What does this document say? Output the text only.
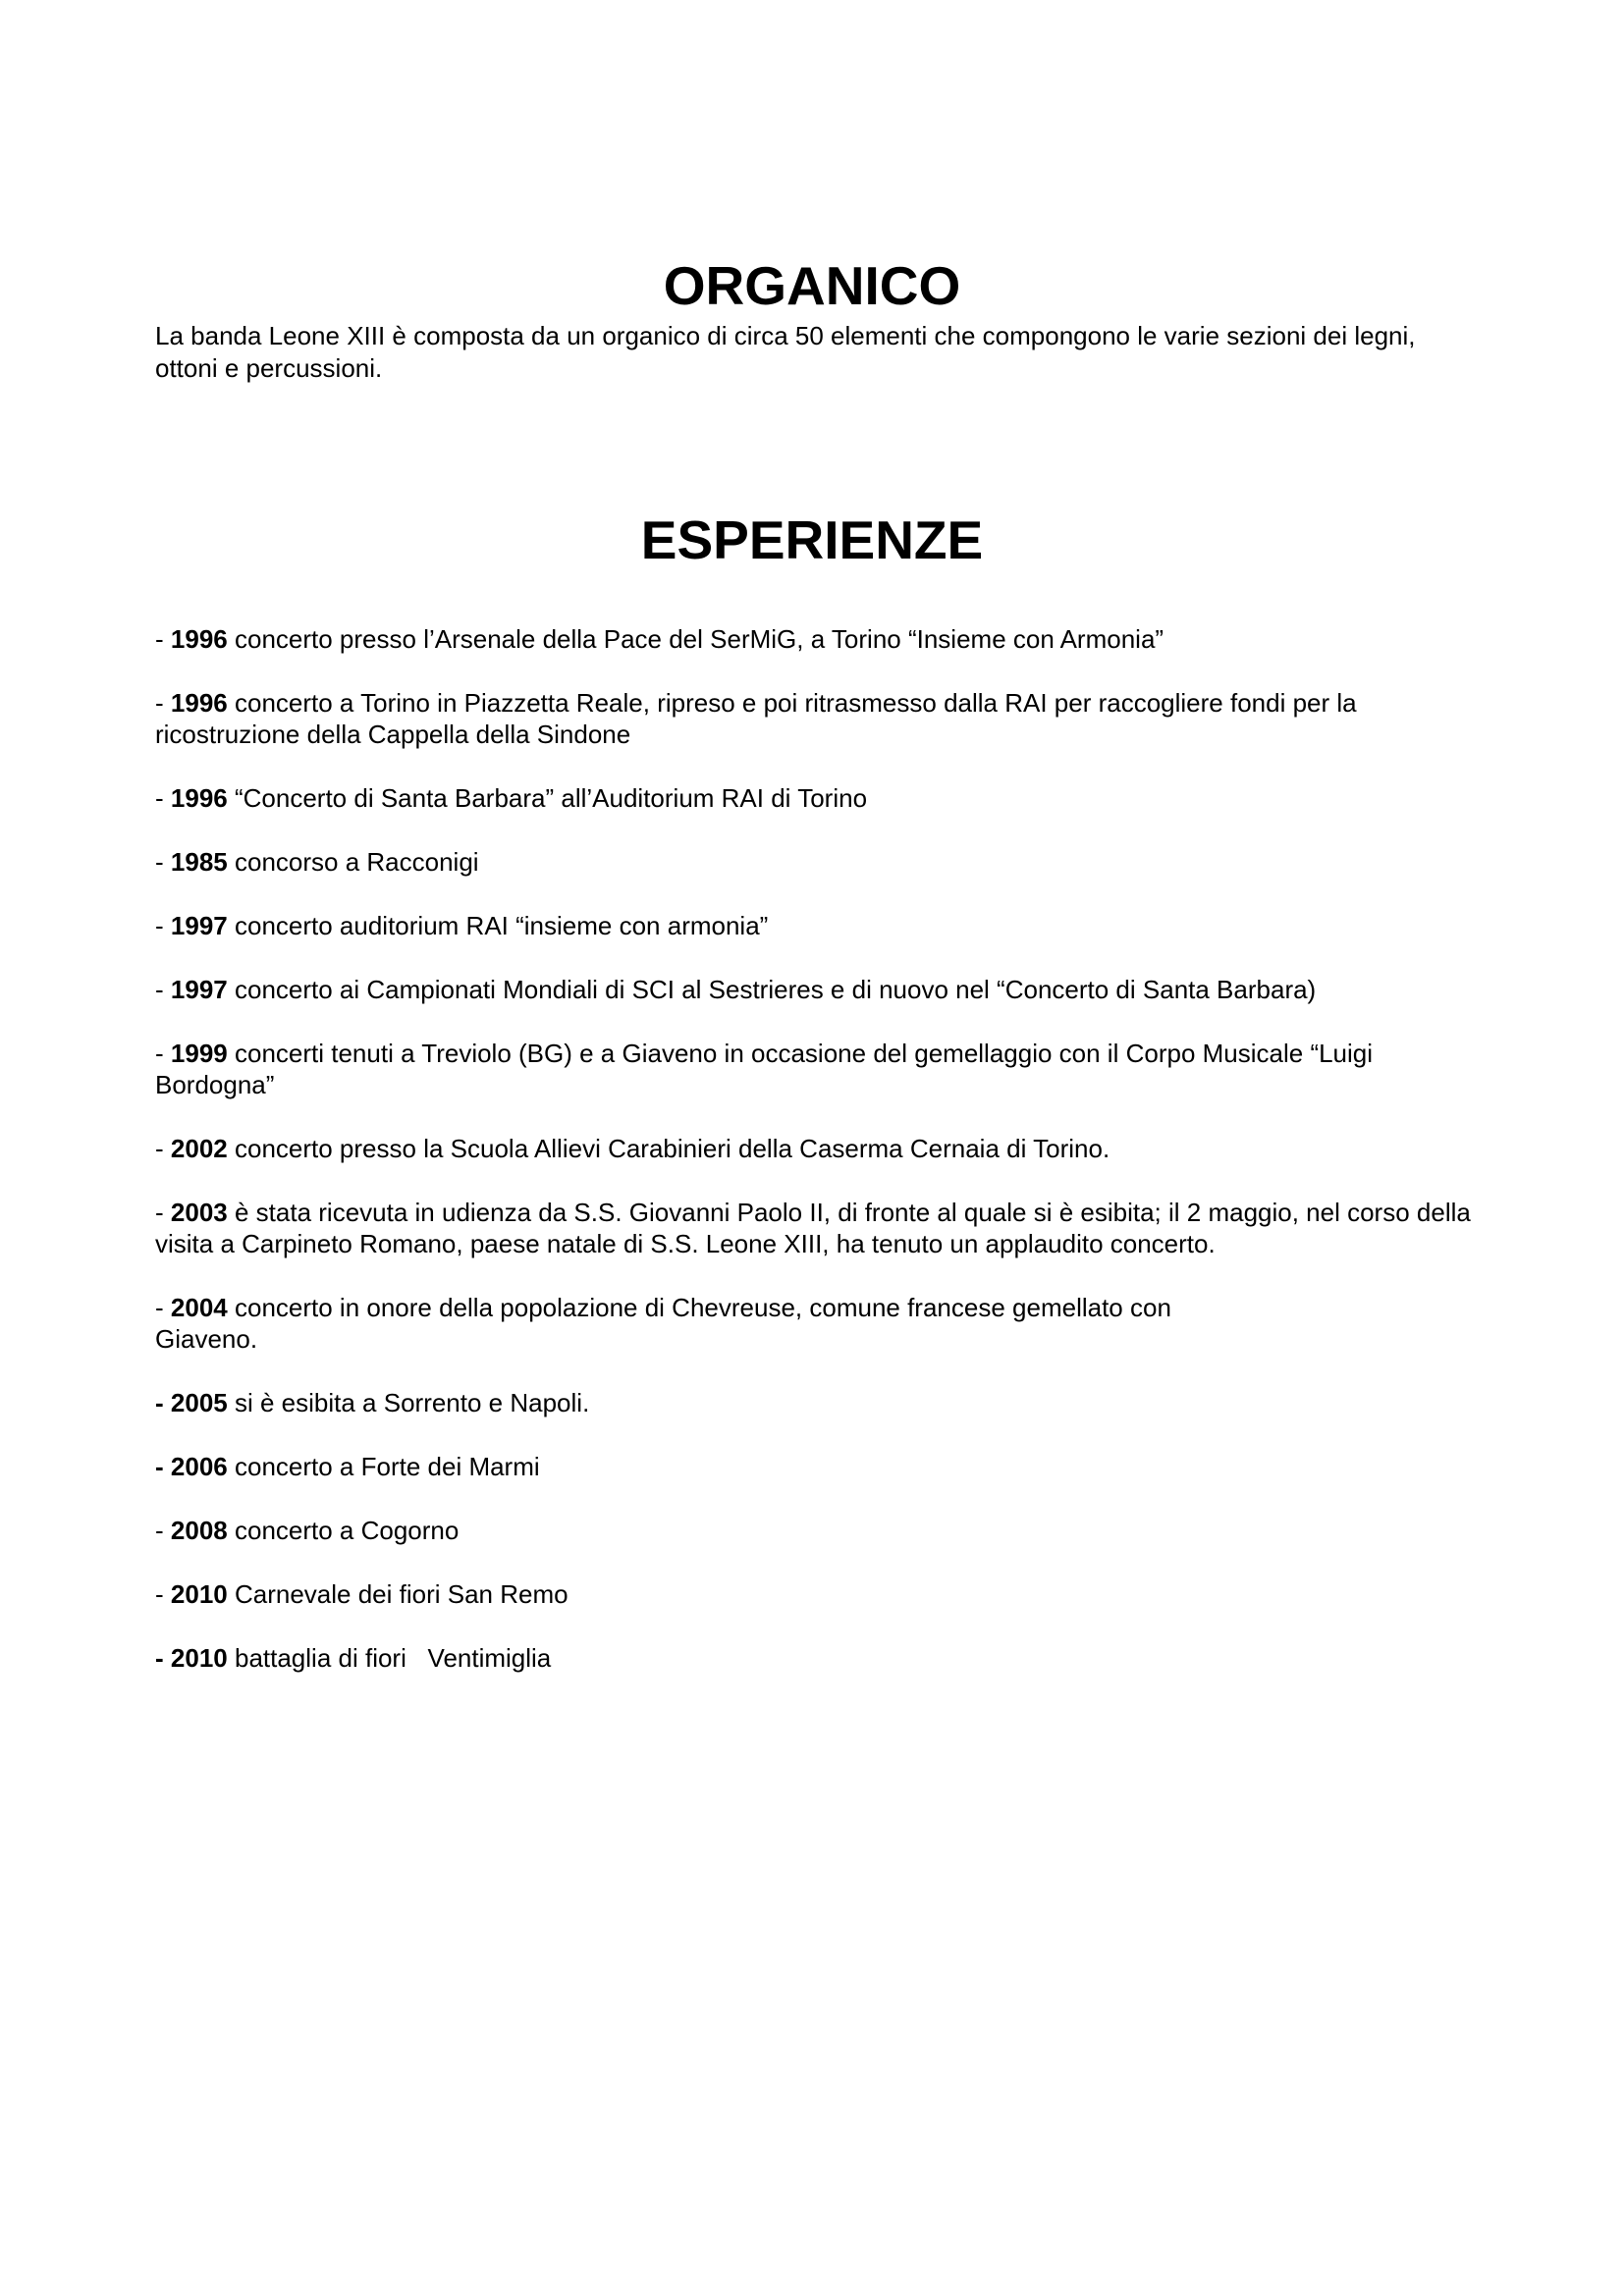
ORGANICO

La banda Leone XIII è composta da un organico di circa 50 elementi che compongono le varie sezioni dei legni, ottoni e percussioni.

ESPERIENZE
- 1996 concerto presso l’Arsenale della Pace del SerMiG, a Torino “Insieme con Armonia”
- 1996 concerto a Torino in Piazzetta Reale, ripreso e poi ritrasmesso dalla RAI per raccogliere fondi per la ricostruzione della Cappella della Sindone
- 1996 “Concerto di Santa Barbara” all’Auditorium RAI di Torino
- 1985 concorso a Racconigi
- 1997 concerto auditorium RAI “insieme con armonia”
- 1997 concerto ai Campionati Mondiali di SCI al Sestrieres e di nuovo nel “Concerto di Santa Barbara)
- 1999 concerti tenuti a Treviolo (BG) e a Giaveno in occasione del gemellaggio con il Corpo Musicale “Luigi Bordogna”
- 2002 concerto presso la Scuola Allievi Carabinieri della Caserma Cernaia di Torino.
- 2003 è stata ricevuta in udienza da S.S. Giovanni Paolo II, di fronte al quale si è esibita; il 2 maggio, nel corso della visita a Carpineto Romano, paese natale di S.S. Leone XIII, ha tenuto un applaudito concerto.
- 2004 concerto in onore della popolazione di Chevreuse, comune francese gemellato con
Giaveno.
- 2005 si è esibita a Sorrento e Napoli.
- 2006 concerto a Forte dei Marmi
- 2008 concerto a Cogorno
- 2010 Carnevale dei fiori San Remo
- 2010 battaglia di fiori   Ventimiglia
